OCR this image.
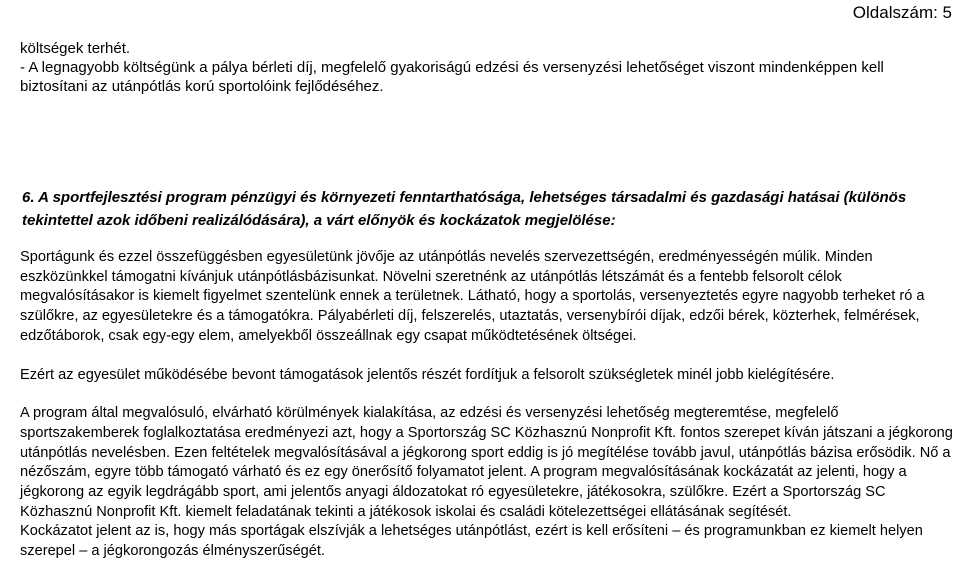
Oldalszám: 5

költségek terhét.

- A legnagyobb költségünk a pálya bérleti díj, megfelelő gyakoriságú edzési és versenyzési lehetőséget viszont mindenképpen kell biztosítani az utánpótlás korú sportolóink fejlődéséhez.

6. A sportfejlesztési program pénzügyi és környezeti fenntarthatósága, lehetséges társadalmi és gazdasági hatásai (különös tekintettel azok időbeni realizálódására), a várt előnyök és kockázatok megjelölése:

Sportágunk és ezzel összefüggésben egyesületünk jövője az utánpótlás nevelés szervezettségén, eredményességén múlik. Minden eszközünkkel támogatni kívánjuk utánpótlásbázisunkat. Növelni szeretnénk az utánpótlás létszámát és a fentebb felsorolt célok megvalósításakor is kiemelt figyelmet szentelünk ennek a területnek. Látható, hogy a sportolás, versenyeztetés egyre nagyobb terheket ró a szülőkre, az egyesületekre és a támogatókra. Pályabérleti díj, felszerelés, utaztatás, versenybírói díjak, edzői bérek, közterhek, felmérések, edzőtáborok, csak egy-egy elem, amelyekből összeállnak egy csapat működtetésének öltségei.

Ezért az egyesület működésébe bevont támogatások jelentős részét fordítjuk a felsorolt szükségletek minél jobb kielégítésére.

A program által megvalósuló, elvárható körülmények kialakítása, az edzési és versenyzési lehetőség megteremtése, megfelelő sportszakemberek foglalkoztatása eredményezi azt, hogy a Sportország SC Közhasznú Nonprofit Kft. fontos szerepet kíván játszani a jégkorong utánpótlás nevelésben. Ezen feltételek megvalósításával a jégkorong sport eddig is jó megítélése tovább javul, utánpótlás bázisa erősödik. Nő a nézőszám, egyre több támogató várható és ez egy önerősítő folyamatot jelent. A program megvalósításának kockázatát az jelenti, hogy a jégkorong az egyik legdrágább sport, ami jelentős anyagi áldozatokat ró egyesületekre, játékosokra, szülőkre. Ezért a Sportország SC Közhasznú Nonprofit Kft. kiemelt feladatának tekinti a játékosok iskolai és családi kötelezettségei ellátásának segítését.

Kockázatot jelent az is, hogy más sportágak elszívják a lehetséges utánpótlást, ezért is kell erősíteni – és programunkban ez kiemelt helyen szerepel – a jégkorongozás élményszerűségét.
